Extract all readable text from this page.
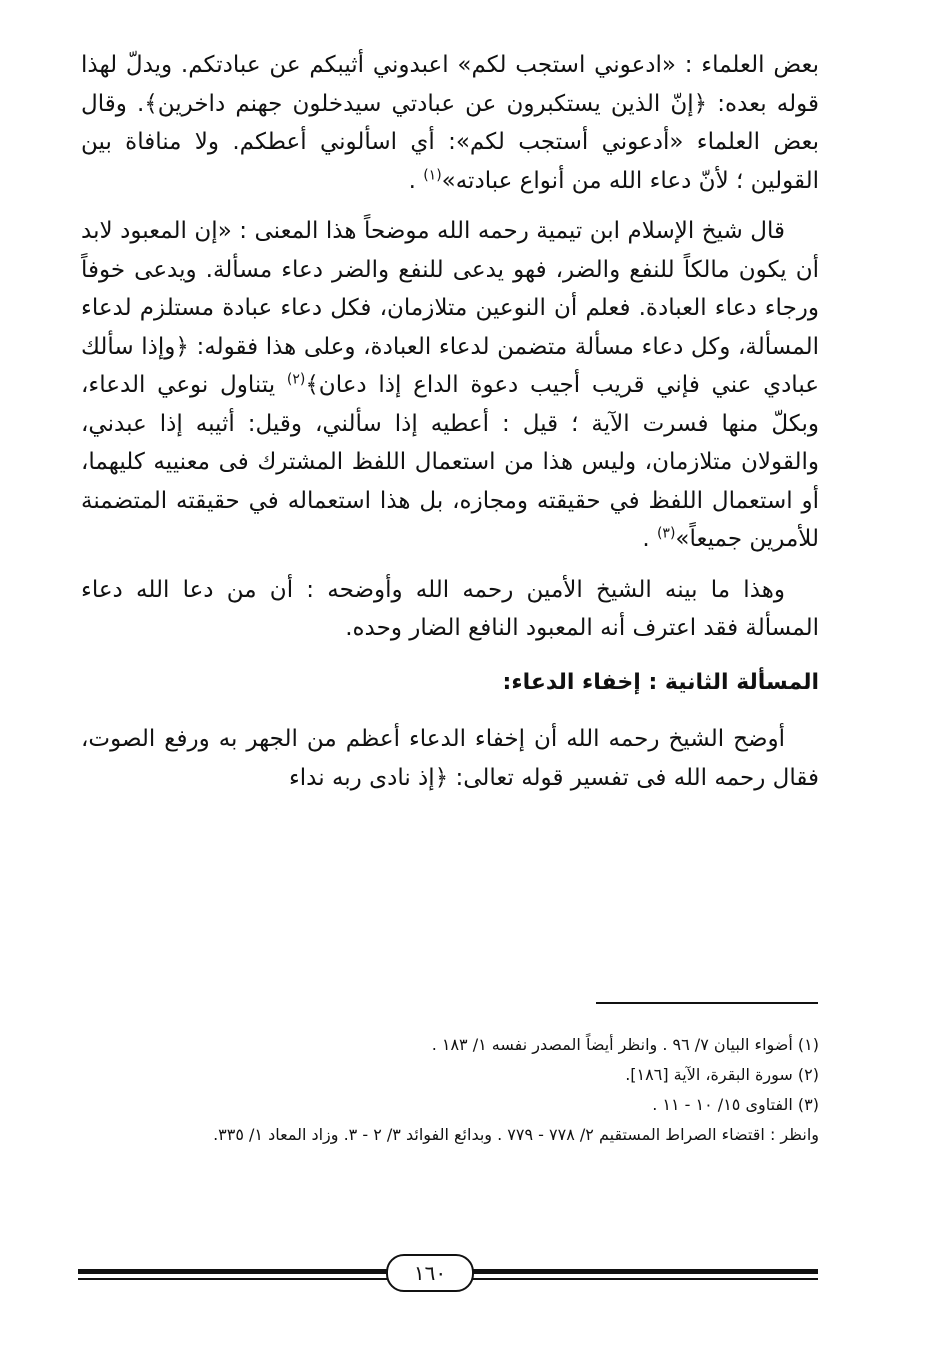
بعض العلماء : «ادعوني استجب لكم» اعبدوني أثيبكم عن عبادتكم. ويدلّ لهذا قوله بعده: ﴿إنّ الذين يستكبرون عن عبادتي سيدخلون جهنم داخرين﴾. وقال بعض العلماء «أدعوني أستجب لكم»: أي اسألوني أعطكم. ولا منافاة بين القولين ؛ لأنّ دعاء الله من أنواع عبادته»$^{(١)}$ .

قال شيخ الإسلام ابن تيمية رحمه الله موضحاً هذا المعنى : «إن المعبود لابد أن يكون مالكاً للنفع والضر، فهو يدعى للنفع والضر دعاء مسألة. ويدعى خوفاً ورجاء دعاء العبادة. فعلم أن النوعين متلازمان، فكل دعاء عبادة مستلزم لدعاء المسألة، وكل دعاء مسألة متضمن لدعاء العبادة، وعلى هذا فقوله: ﴿وإذا سألك عبادي عني فإني قريب أجيب دعوة الداع إذا دعان﴾$^{(٢)}$ يتناول نوعي الدعاء، وبكلّ منها فسرت الآية ؛ قيل : أعطيه إذا سألني، وقيل: أثيبه إذا عبدني، والقولان متلازمان، وليس هذا من استعمال اللفظ المشترك فى معنييه كليهما، أو استعمال اللفظ في حقيقته ومجازه، بل هذا استعماله في حقيقته المتضمنة للأمرين جميعاً»$^{(٣)}$ .

وهذا ما بينه الشيخ الأمين رحمه الله وأوضحه : أن من دعا الله دعاء المسألة فقد اعترف أنه المعبود النافع الضار وحده.

المسألة الثانية : إخفاء الدعاء:

أوضح الشيخ رحمه الله أن إخفاء الدعاء أعظم من الجهر به ورفع الصوت، فقال رحمه الله فى تفسير قوله تعالى: ﴿إذ نادى ربه نداء

(١) أضواء البيان ٧/ ٩٦ . وانظر أيضاً المصدر نفسه ١/ ١٨٣ .
(٢) سورة البقرة، الآية [١٨٦].
(٣) الفتاوى ١٥/ ١٠ - ١١ .
وانظر : اقتضاء الصراط المستقيم ٢/ ٧٧٨ - ٧٧٩ . وبدائع الفوائد ٣/ ٢ - ٣. وزاد المعاد ١/ ٣٣٥.
١٦٠
